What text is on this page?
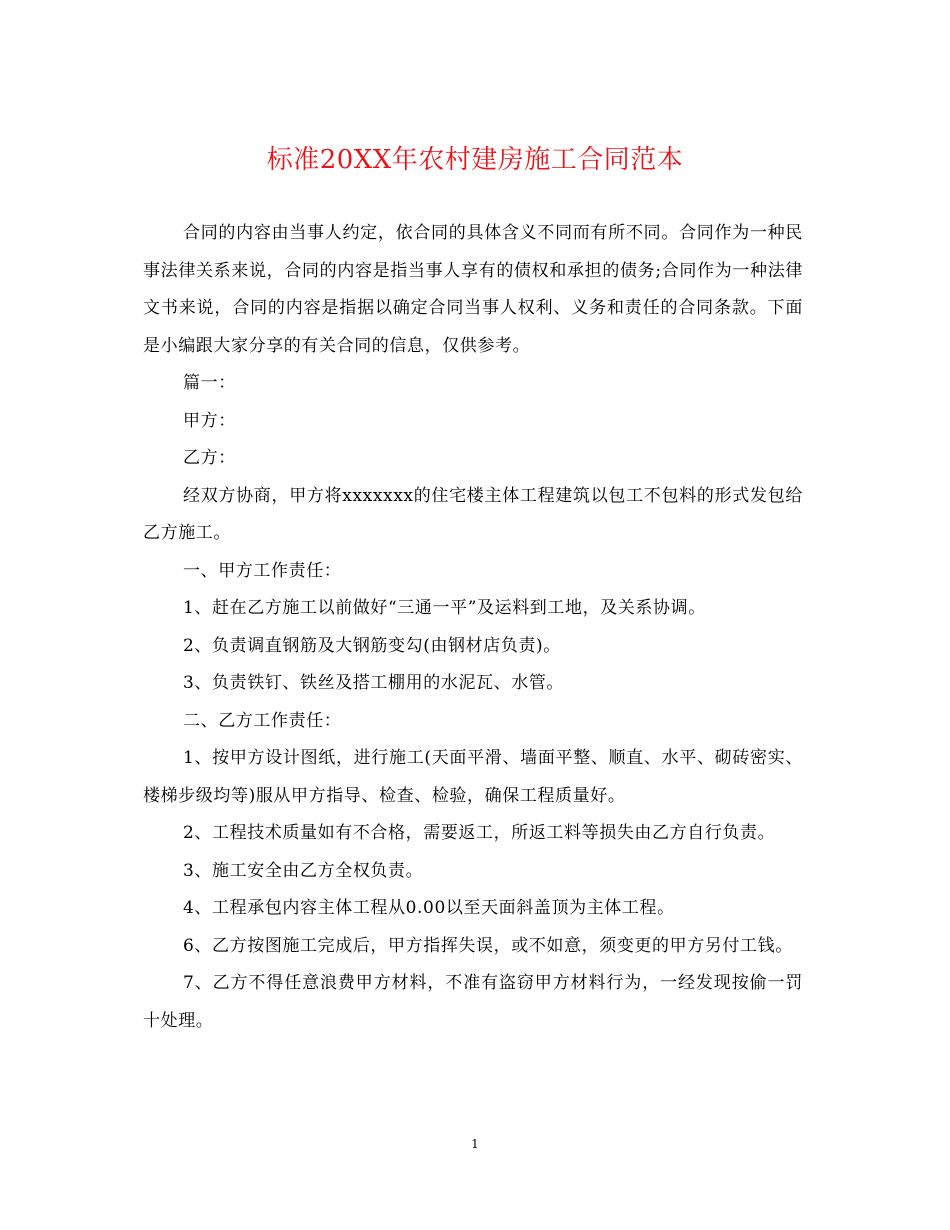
标准20XX年农村建房施工合同范本

合同的内容由当事人约定，依合同的具体含义不同而有所不同。合同作为一种民事法律关系来说，合同的内容是指当事人享有的债权和承担的债务;合同作为一种法律文书来说，合同的内容是指据以确定合同当事人权利、义务和责任的合同条款。下面是小编跟大家分享的有关合同的信息，仅供参考。

篇一：

甲方：

乙方：

经双方协商，甲方将xxxxxxx的住宅楼主体工程建筑以包工不包料的形式发包给乙方施工。

一、甲方工作责任：

1、赶在乙方施工以前做好“三通一平”及运料到工地，及关系协调。

2、负责调直钢筋及大钢筋变勾(由钢材店负责)。

3、负责铁钉、铁丝及搭工棚用的水泥瓦、水管。

二、乙方工作责任：

1、按甲方设计图纸，进行施工(天面平滑、墙面平整、顺直、水平、砌砖密实、楼梯步级均等)服从甲方指导、检查、检验，确保工程质量好。

2、工程技术质量如有不合格，需要返工，所返工料等损失由乙方自行负责。

3、施工安全由乙方全权负责。

4、工程承包内容主体工程从0.00以至天面斜盖顶为主体工程。

6、乙方按图施工完成后，甲方指挥失误，或不如意，须变更的甲方另付工钱。

7、乙方不得任意浪费甲方材料，不准有盗窃甲方材料行为，一经发现按偷一罚十处理。

1
